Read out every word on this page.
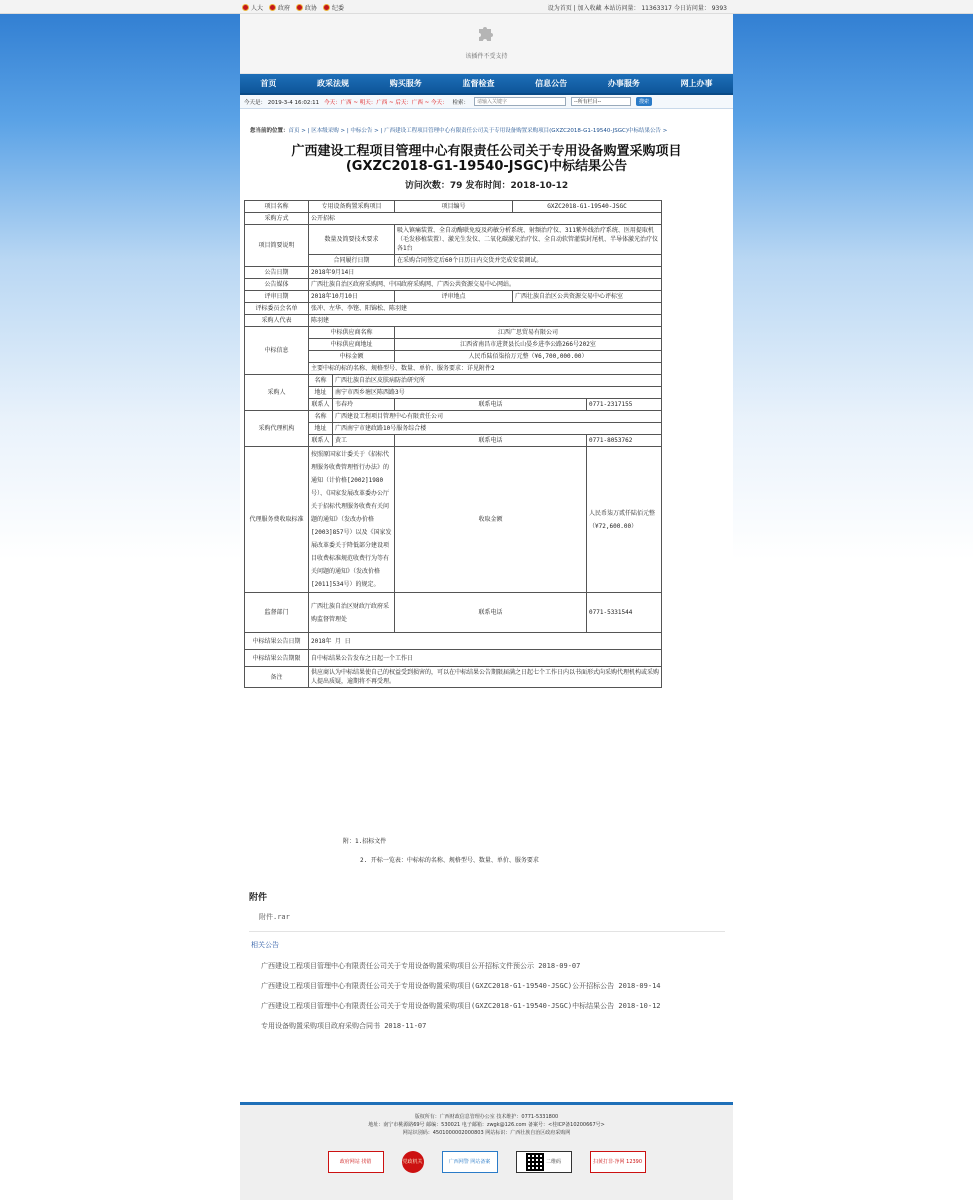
人大	政府	政协	纪委	设为首页 | 加入收藏 本站访问量： 11363317 今日访问量： 9393
该插件不受支持
首页	政采法规	购买服务	监督检查	信息公告	办事服务	网上办事
今天是： 2019-3-4 16:02:11 今天：广西 ~ 明天：广西 ~ 后天：广西 ~ 今天： 检索：
请输入关键字	--所有栏目--	搜索
您当前的位置：首页 > | 区本级采购 > | 中标公告 > | 广西建设工程项目管理中心有限责任公司关于专用设备购置采购项目(GXZC2018-G1-19540-JSGC)中标结果公告 >
广西建设工程项目管理中心有限责任公司关于专用设备购置采购项目
(GXZC2018-G1-19540-JSGC)中标结果公告
访问次数：79 发布时间：2018-10-12
项目名称	专用设备购置采购项目		项目编号	GXZC2018-G1-19540-JSGC	
采购方式	公开招标				
项目简要说明	数量及简要技术要求		吸入镇痛装置、全自动酶联免疫及药敏分析系统、射频治疗仪、311紫外线治疗系统、医用提取机（毛发移植装置）、激光生发仪、二氧化碳激光治疗仪、全自动软管灌装封尾机、半导体激光治疗仪各1台		
	合同履行日期		在采购合同签定后60个日历日内交货并完成安装调试。		
公告日期	2018年9月14日				
公告媒体	广西壮族自治区政府采购网、中国政府采购网、广西公共资源交易中心网站。				
评审日期	2018年10月10日		评审地点	广西壮族自治区公共资源交易中心评标室	
评标委员会名单	张冲、左华、李铿、阳锦松、陈羽建				
采购人代表	陈羽建				
中标信息	中标供应商名称		江西广思贸易有限公司		
	中标供应商地址		江西省南昌市进贤县长山晏乡进李公路266号202室		
	中标金额		人民币陆佰柒拾万元整（¥6,700,000.00）		
	主要中标的标的名称、规格型号、数量、单价、服务要求：详见附件2				
采购人	名称	广西壮族自治区皮肤病防治研究所			
	地址	南宁市西乡塘区陈西路3号			
	联系人	韦春玲	联系电话		0771-2317155
采购代理机构	名称	广西建设工程项目管理中心有限责任公司			
	地址	广西南宁市建政路10号服务综合楼			
	联系人	黄工	联系电话		0771-8053762
代理服务费收取标准	按照原国家计委关于《招标代理服务收费管理暂行办法》的通知（计价格[2002]1980号）、《国家发展改革委办公厅关于招标代理服务收费有关问题的通知》（发改办价格[2003]857号）以及《国家发展改革委关于降低部分建设项目收费标准规范收费行为等有关问题的通知》（发改价格[2011]534号）的规定。		收取金额		人民币柒万贰仟陆佰元整（¥72,600.00）
监督部门	广西壮族自治区财政厅政府采购监督管理处		联系电话		0771-5331544
中标结果公告日期	2018年 月 日				
中标结果公告期限	自中标结果公告发布之日起一个工作日				
备注	供应商认为中标结果使自己的权益受到损害的，可以在中标结果公告期限届满之日起七个工作日内以书面形式向采购代理机构或采购人提出质疑，逾期将不再受理。				
附：1.招标文件
2. 开标一览表：中标标的名称、规格型号、数量、单价、服务要求
附件
附件.rar
相关公告
广西建设工程项目管理中心有限责任公司关于专用设备购置采购项目公开招标文件预公示 2018-09-07
广西建设工程项目管理中心有限责任公司关于专用设备购置采购项目(GXZC2018-G1-19540-JSGC)公开招标公告 2018-09-14
广西建设工程项目管理中心有限责任公司关于专用设备购置采购项目(GXZC2018-G1-19540-JSGC)中标结果公告 2018-10-12
专用设备购置采购项目政府采购合同书 2018-11-07
版权所有：广西财政信息管理办公室 技术维护：0771-5331800
地址：南宁市桃源路69号 邮编：530021 电子邮箱：zwgk@126.com 备案号：<桂ICP备10200667号>
网站识别码：4501000002000803 网站标识：广西壮族自治区政府采购网
政府网站 找错	党政机关	广西网警 网站备案	二维码	扫黄打非·净网 12390
